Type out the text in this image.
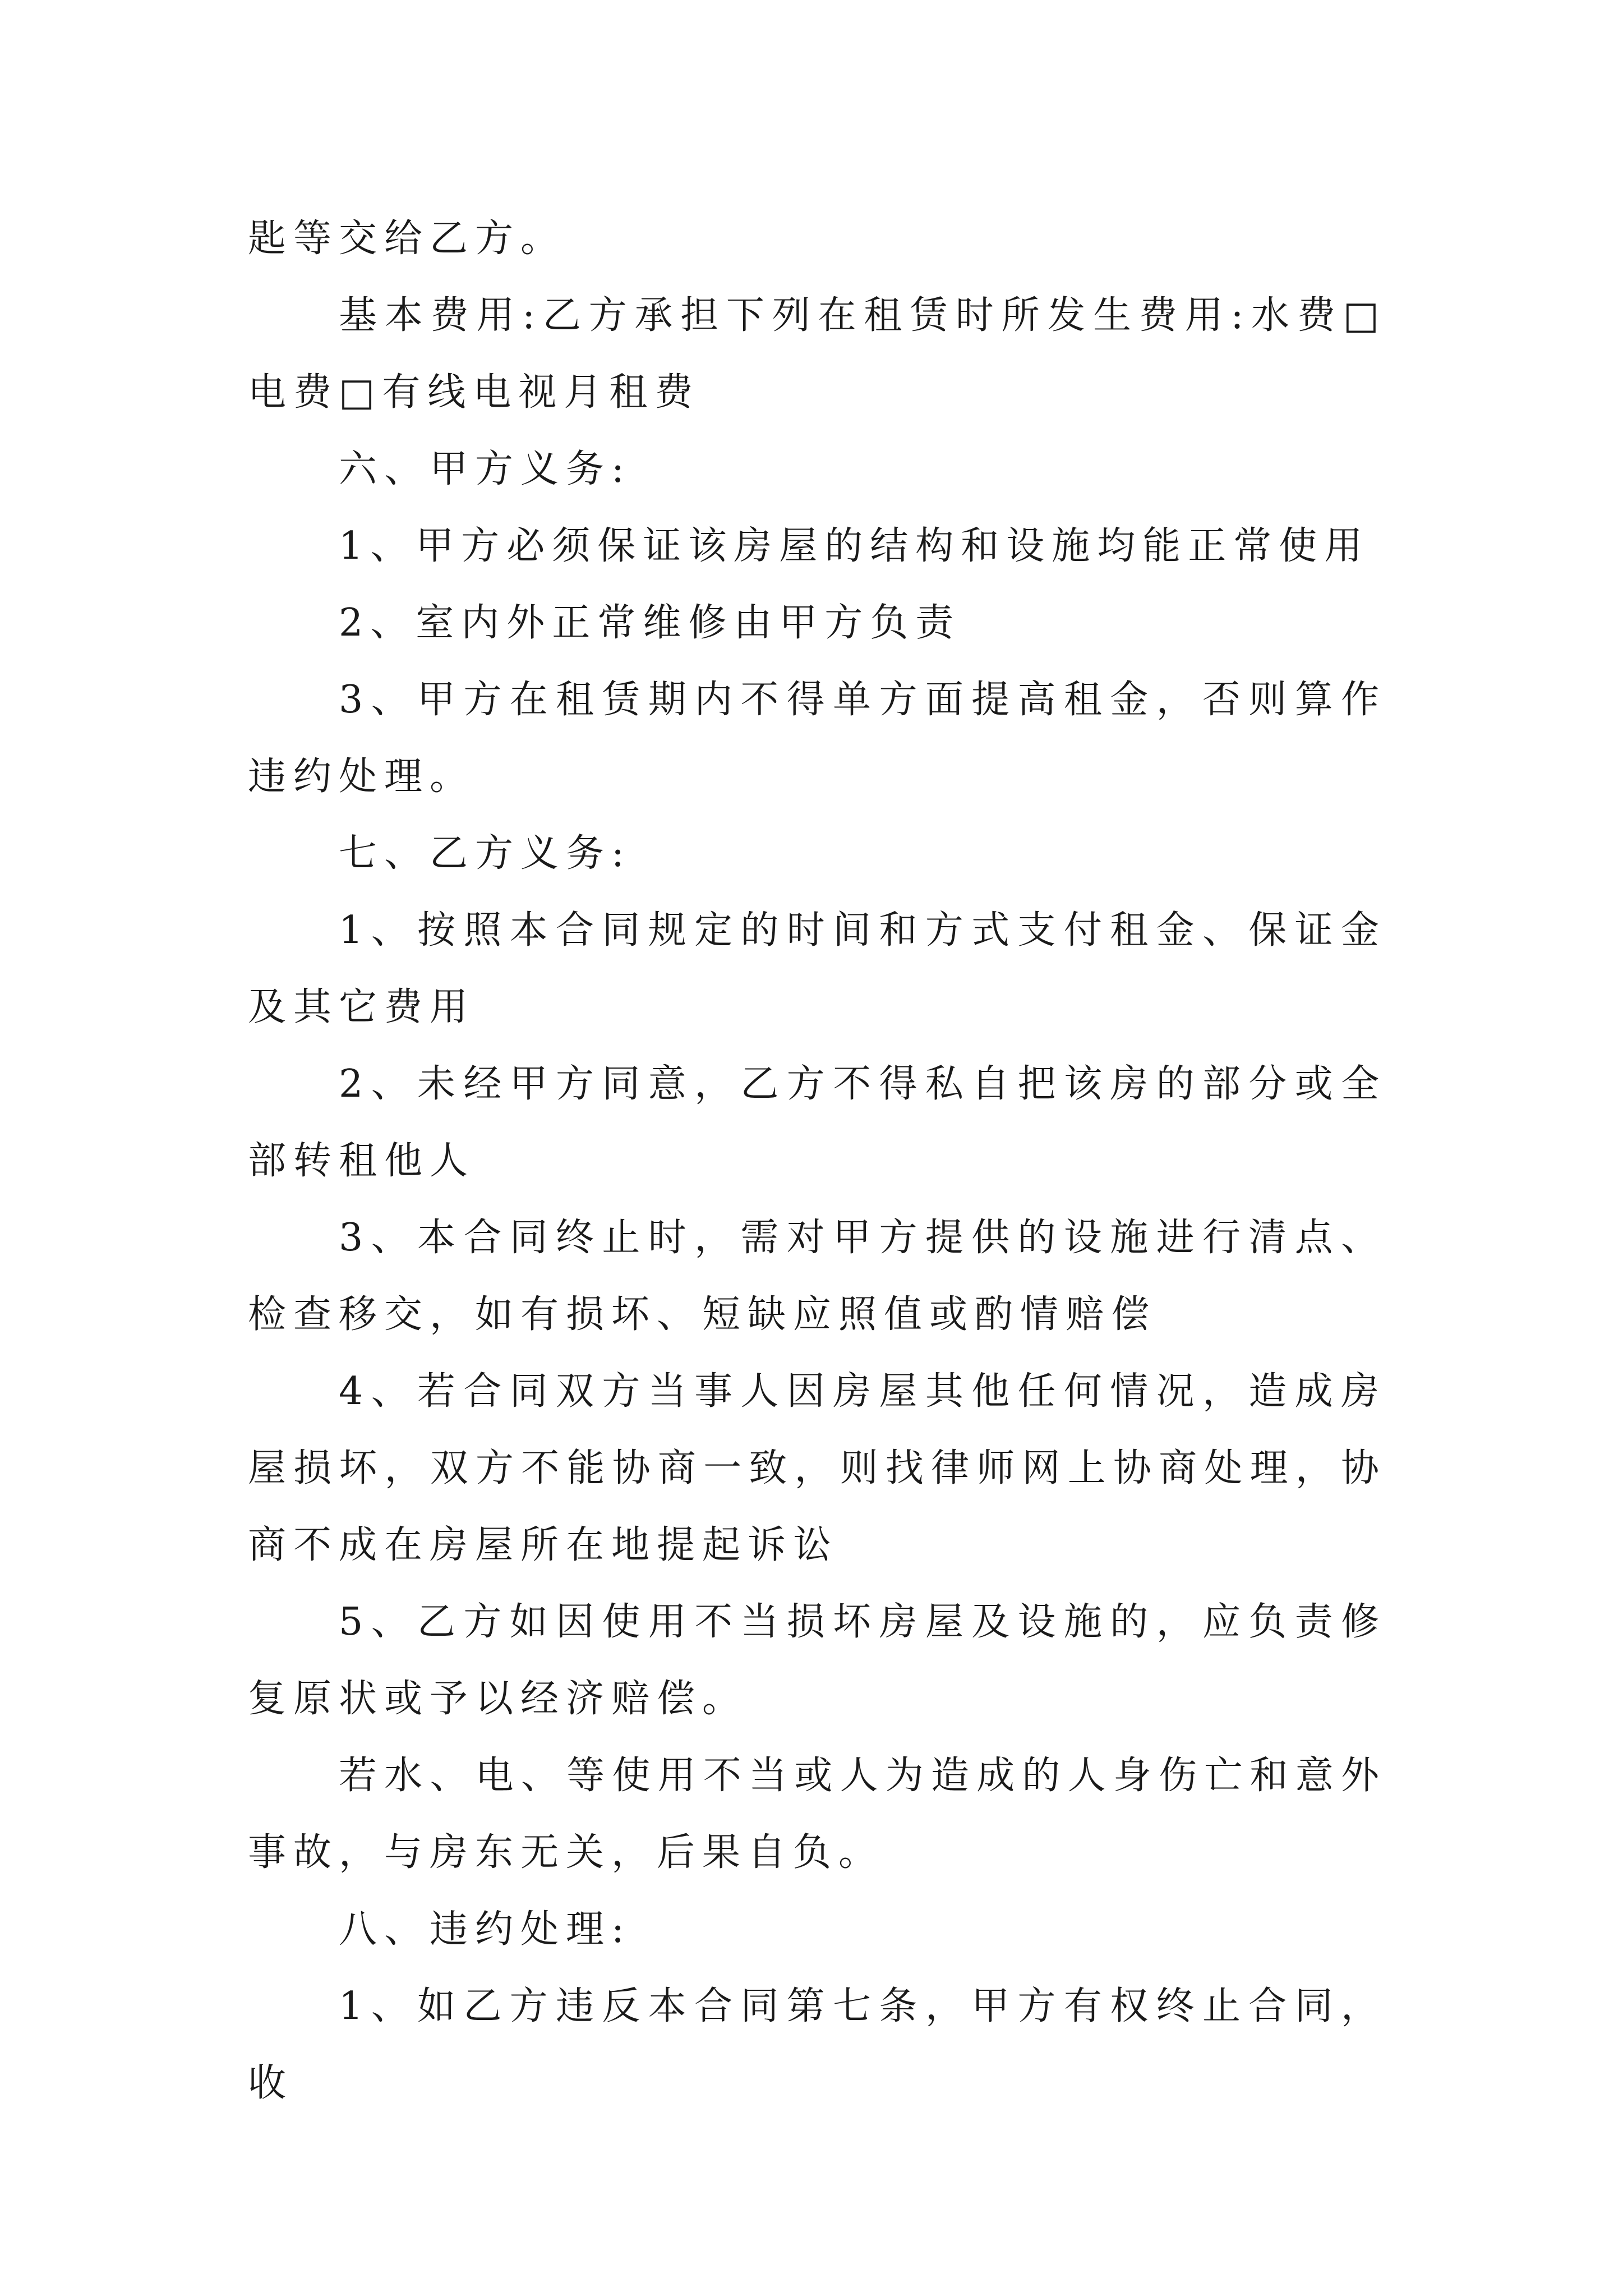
匙等交给乙方。

基本费用:乙方承担下列在租赁时所发生费用:水费□电费□有线电视月租费

六、甲方义务:

1、甲方必须保证该房屋的结构和设施均能正常使用

2、室内外正常维修由甲方负责

3、甲方在租赁期内不得单方面提高租金，否则算作违约处理。

七、乙方义务:

1、按照本合同规定的时间和方式支付租金、保证金及其它费用

2、未经甲方同意，乙方不得私自把该房的部分或全部转租他人

3、本合同终止时，需对甲方提供的设施进行清点、检查移交，如有损坏、短缺应照值或酌情赔偿

4、若合同双方当事人因房屋其他任何情况，造成房屋损坏，双方不能协商一致，则找律师网上协商处理，协商不成在房屋所在地提起诉讼

5、乙方如因使用不当损坏房屋及设施的，应负责修复原状或予以经济赔偿。

若水、电、等使用不当或人为造成的人身伤亡和意外事故，与房东无关，后果自负。

八、违约处理:

1、如乙方违反本合同第七条，甲方有权终止合同，收
